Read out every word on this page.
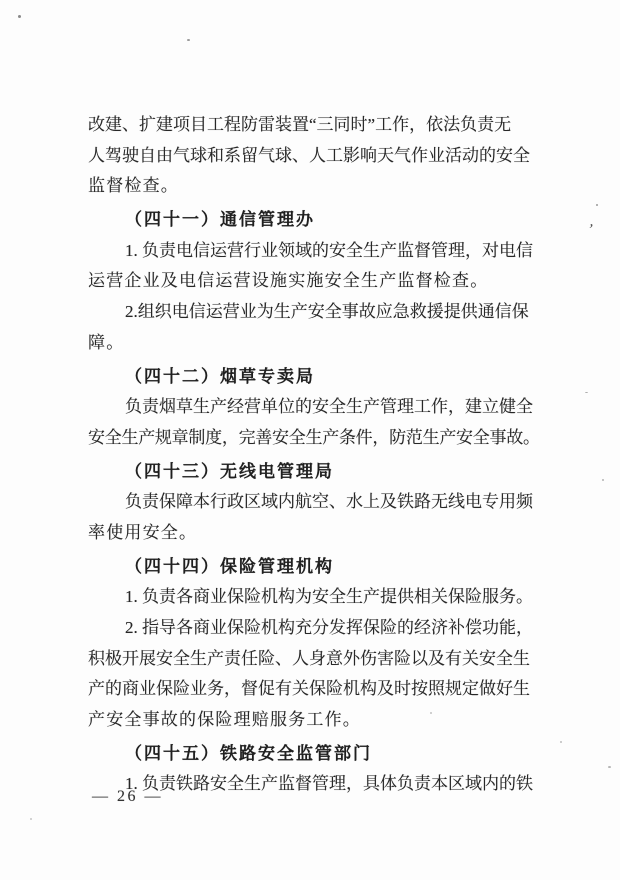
改建、扩建项目工程防雷装置“三同时”工作，依法负责无
人驾驶自由气球和系留气球、人工影响天气作业活动的安全
监督检查。
（四十一）通信管理办
1. 负责电信运营行业领域的安全生产监督管理，对电信
运营企业及电信运营设施实施安全生产监督检查。
2.组织电信运营业为生产安全事故应急救援提供通信保
障。
（四十二）烟草专卖局
负责烟草生产经营单位的安全生产管理工作，建立健全
安全生产规章制度，完善安全生产条件，防范生产安全事故。
（四十三）无线电管理局
负责保障本行政区域内航空、水上及铁路无线电专用频
率使用安全。
（四十四）保险管理机构
1. 负责各商业保险机构为安全生产提供相关保险服务。
2. 指导各商业保险机构充分发挥保险的经济补偿功能，
积极开展安全生产责任险、人身意外伤害险以及有关安全生
产的商业保险业务，督促有关保险机构及时按照规定做好生
产安全事故的保险理赔服务工作。
（四十五）铁路安全监管部门
1. 负责铁路安全生产监督管理，具体负责本区域内的铁
— 26 —
’
